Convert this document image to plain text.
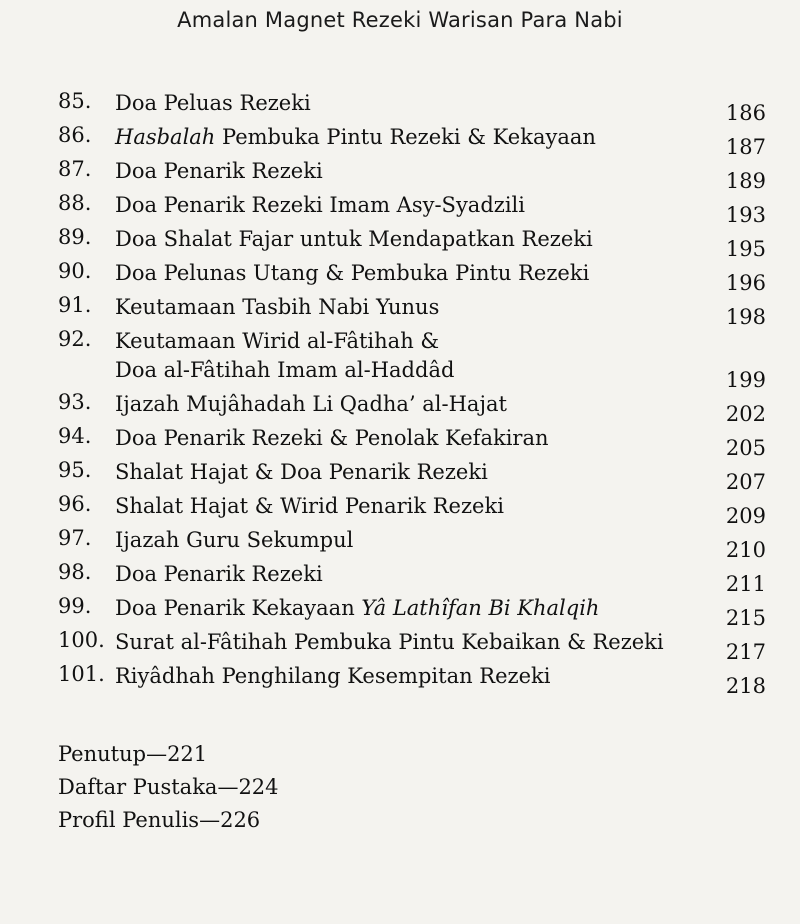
Amalan Magnet Rezeki Warisan Para Nabi
85. Doa Peluas Rezeki	186
86. Hasbalah Pembuka Pintu Rezeki & Kekayaan	187
87. Doa Penarik Rezeki	189
88. Doa Penarik Rezeki Imam Asy-Syadzili	193
89. Doa Shalat Fajar untuk Mendapatkan Rezeki	195
90. Doa Pelunas Utang & Pembuka Pintu Rezeki	196
91. Keutamaan Tasbih Nabi Yunus	198
92. Keutamaan Wirid al-Fâtihah &
Doa al-Fâtihah Imam al-Haddâd	199
93. Ijazah Mujâhadah Li Qadha’ al-Hajat	202
94. Doa Penarik Rezeki & Penolak Kefakiran	205
95. Shalat Hajat & Doa Penarik Rezeki	207
96. Shalat Hajat & Wirid Penarik Rezeki	209
97. Ijazah Guru Sekumpul	210
98. Doa Penarik Rezeki	211
99. Doa Penarik Kekayaan Yâ Lathîfan Bi Khalqih	215
100. Surat al-Fâtihah Pembuka Pintu Kebaikan & Rezeki	217
101. Riyâdhah Penghilang Kesempitan Rezeki	218
Penutup—221
Daftar Pustaka—224
Profil Penulis—226
